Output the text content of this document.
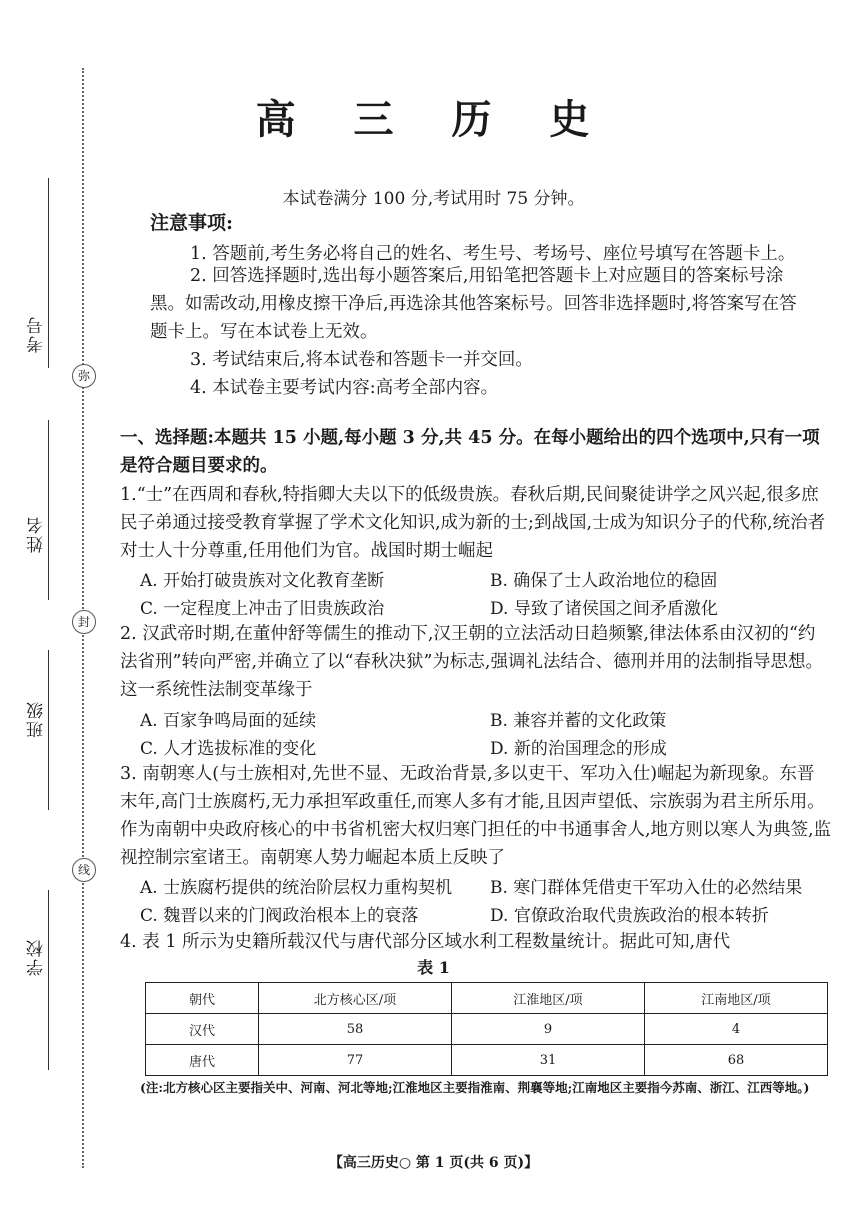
弥
封
线
考号
姓名
班级
学校
高 三 历 史
本试卷满分 100 分,考试用时 75 分钟。
注意事项:
1. 答题前,考生务必将自己的姓名、考生号、考场号、座位号填写在答题卡上。
2. 回答选择题时,选出每小题答案后,用铅笔把答题卡上对应题目的答案标号涂黑。如需改动,用橡皮擦干净后,再选涂其他答案标号。回答非选择题时,将答案写在答题卡上。写在本试卷上无效。
3. 考试结束后,将本试卷和答题卡一并交回。
4. 本试卷主要考试内容:高考全部内容。
一、选择题:本题共 15 小题,每小题 3 分,共 45 分。在每小题给出的四个选项中,只有一项是符合题目要求的。
1.“士”在西周和春秋,特指卿大夫以下的低级贵族。春秋后期,民间聚徒讲学之风兴起,很多庶民子弟通过接受教育掌握了学术文化知识,成为新的士;到战国,士成为知识分子的代称,统治者对士人十分尊重,任用他们为官。战国时期士崛起
A. 开始打破贵族对文化教育垄断	B. 确保了士人政治地位的稳固
C. 一定程度上冲击了旧贵族政治	D. 导致了诸侯国之间矛盾激化
2. 汉武帝时期,在董仲舒等儒生的推动下,汉王朝的立法活动日趋频繁,律法体系由汉初的“约法省刑”转向严密,并确立了以“春秋决狱”为标志,强调礼法结合、德刑并用的法制指导思想。这一系统性法制变革缘于
A. 百家争鸣局面的延续	B. 兼容并蓄的文化政策
C. 人才选拔标准的变化	D. 新的治国理念的形成
3. 南朝寒人(与士族相对,先世不显、无政治背景,多以吏干、军功入仕)崛起为新现象。东晋末年,高门士族腐朽,无力承担军政重任,而寒人多有才能,且因声望低、宗族弱为君主所乐用。作为南朝中央政府核心的中书省机密大权归寒门担任的中书通事舍人,地方则以寒人为典签,监视控制宗室诸王。南朝寒人势力崛起本质上反映了
A. 士族腐朽提供的统治阶层权力重构契机 B. 寒门群体凭借吏干军功入仕的必然结果
C. 魏晋以来的门阀政治根本上的衰落	D. 官僚政治取代贵族政治的根本转折
4. 表 1 所示为史籍所载汉代与唐代部分区域水利工程数量统计。据此可知,唐代
表 1
朝代	北方核心区/项	江淮地区/项	江南地区/项
汉代	58	9	4
唐代	77	31	68
(注:北方核心区主要指关中、河南、河北等地;江淮地区主要指淮南、荆襄等地;江南地区主要指今苏南、浙江、江西等地。)
【高三历史○ 第 1 页(共 6 页)】
